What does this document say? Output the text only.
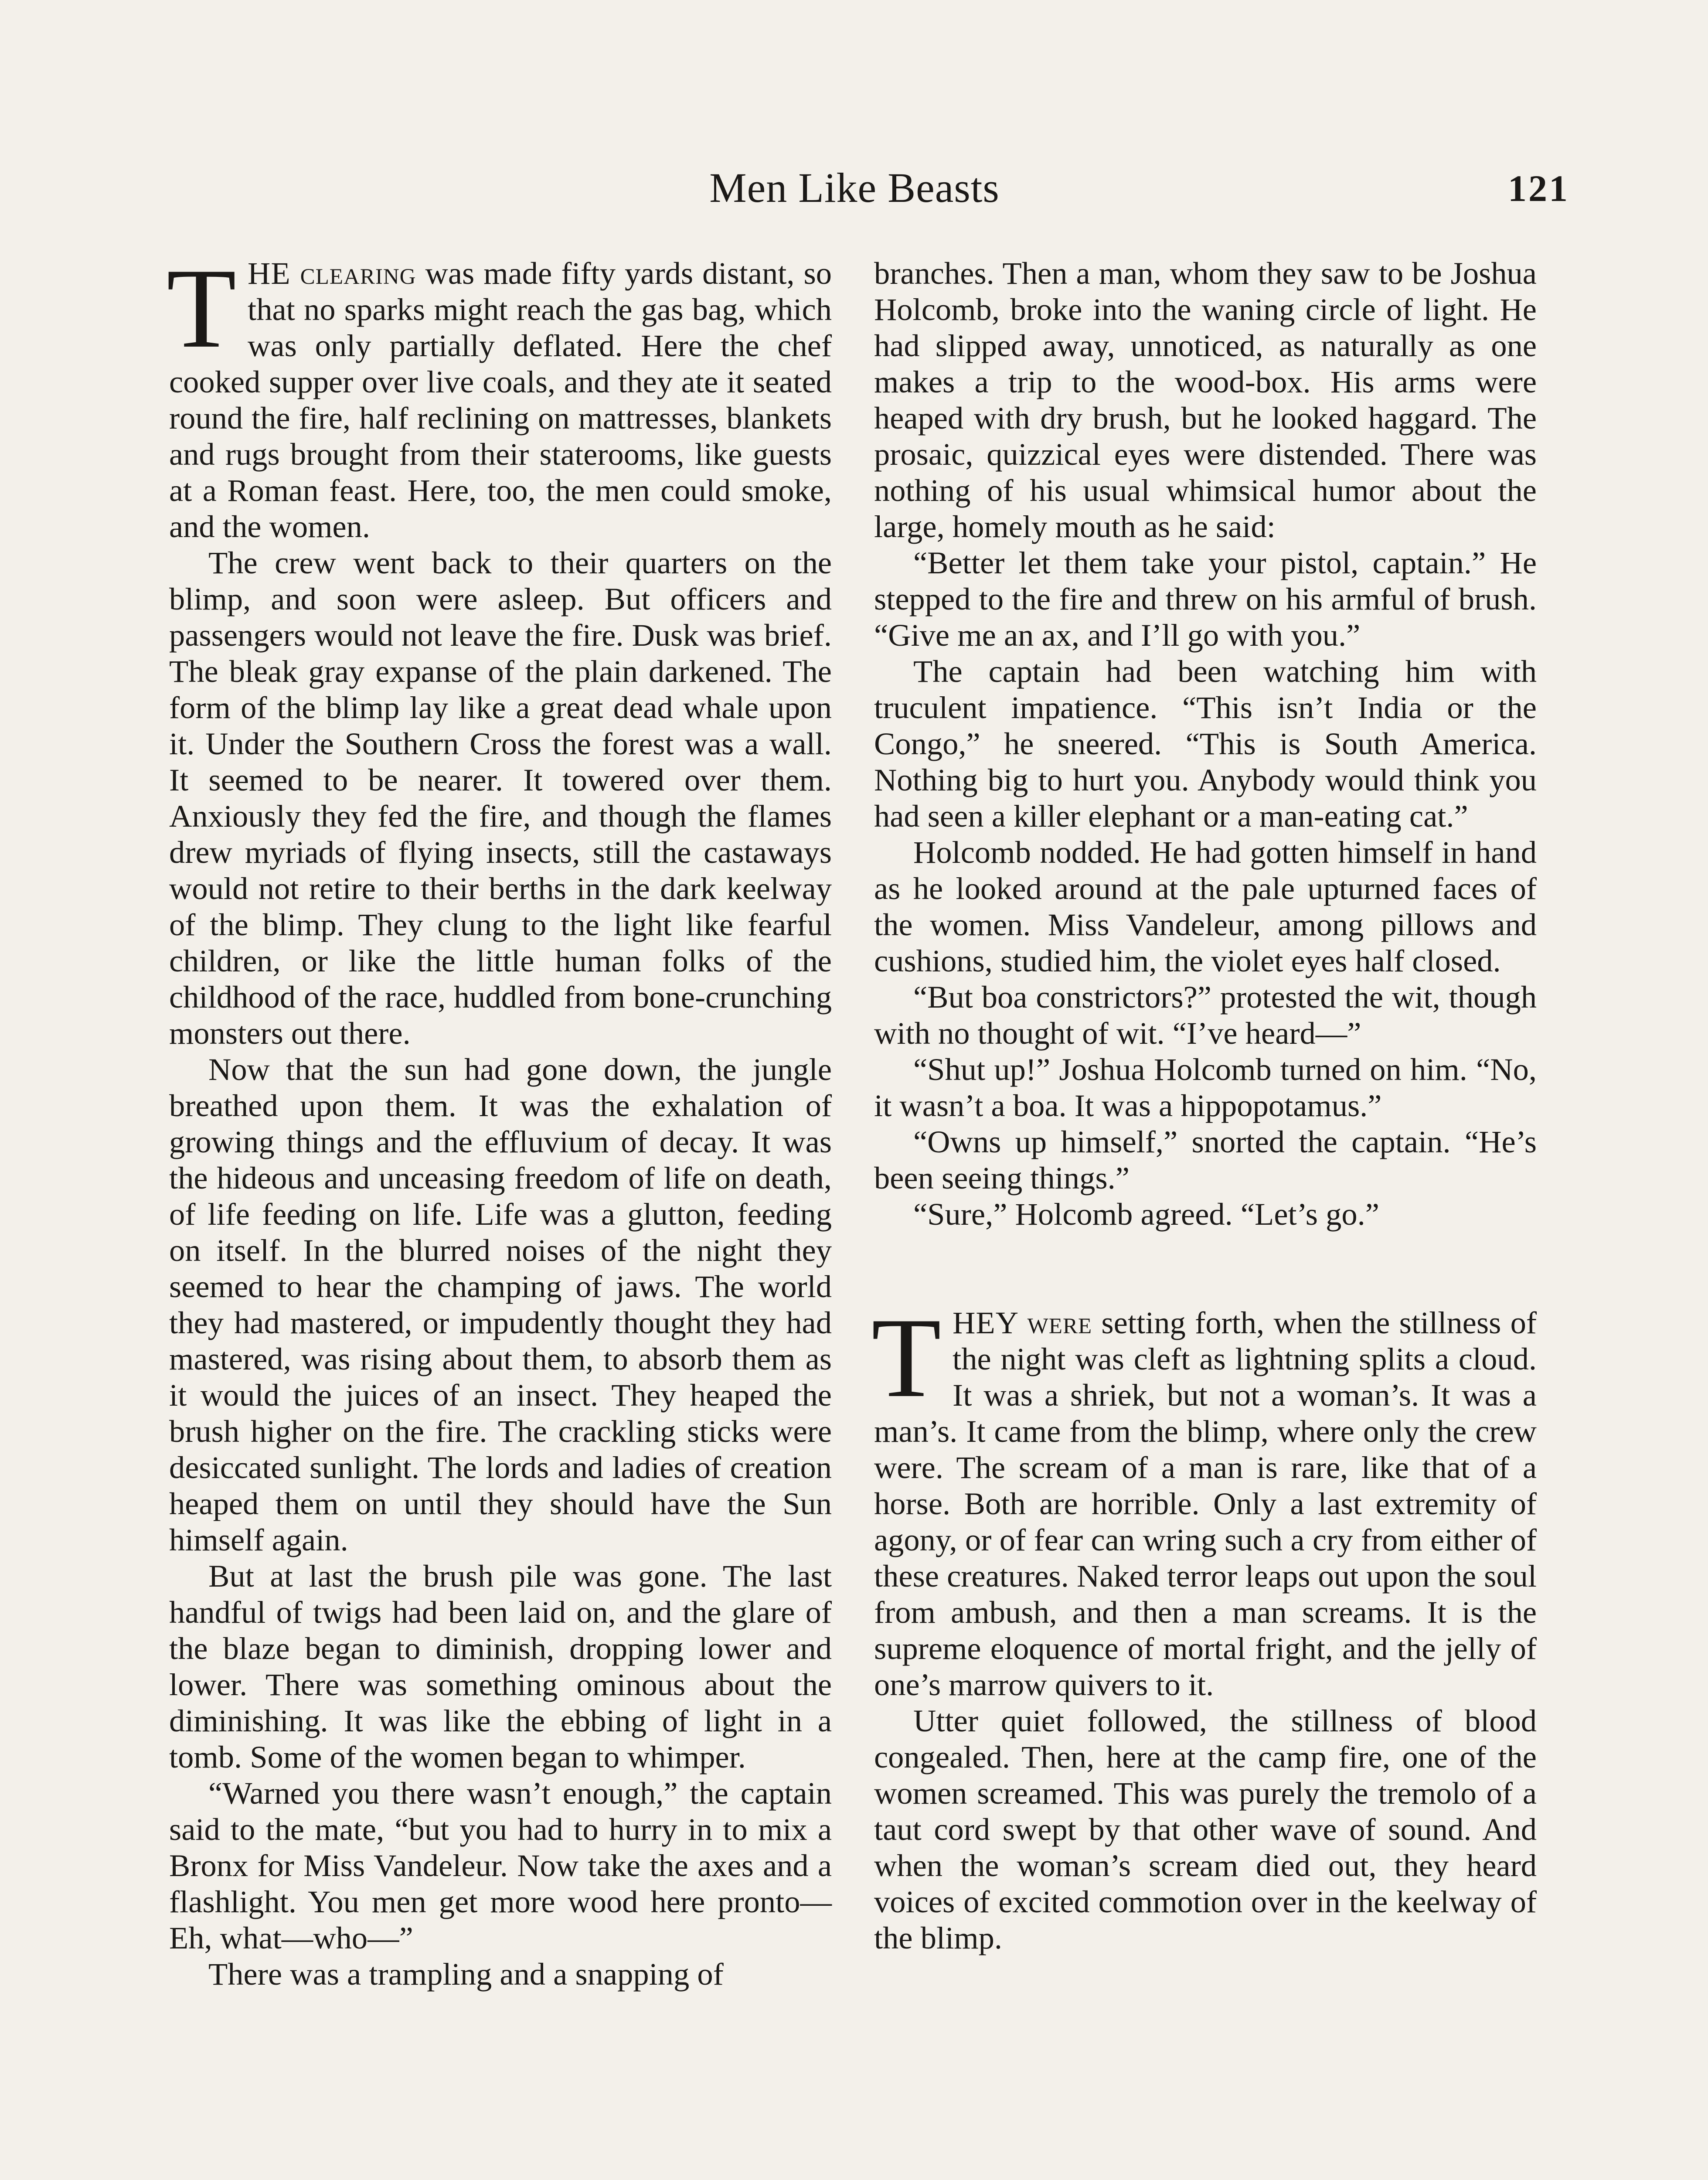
Men Like Beasts	121

THE clearing was made fifty yards distant, so that no sparks might reach the gas bag, which was only partially deflated. Here the chef cooked supper over live coals, and they ate it seated round the fire, half reclining on mattresses, blankets and rugs brought from their staterooms, like guests at a Roman feast. Here, too, the men could smoke, and the women.

The crew went back to their quarters on the blimp, and soon were asleep. But officers and passengers would not leave the fire. Dusk was brief. The bleak gray expanse of the plain darkened. The form of the blimp lay like a great dead whale upon it. Under the Southern Cross the forest was a wall. It seemed to be nearer. It towered over them. Anxiously they fed the fire, and though the flames drew myriads of flying insects, still the castaways would not retire to their berths in the dark keelway of the blimp. They clung to the light like fearful children, or like the little human folks of the childhood of the race, huddled from bone-crunching monsters out there.

Now that the sun had gone down, the jungle breathed upon them. It was the exhalation of growing things and the effluvium of decay. It was the hideous and unceasing freedom of life on death, of life feeding on life. Life was a glutton, feeding on itself. In the blurred noises of the night they seemed to hear the champing of jaws. The world they had mastered, or impudently thought they had mastered, was rising about them, to absorb them as it would the juices of an insect. They heaped the brush higher on the fire. The crackling sticks were desiccated sunlight. The lords and ladies of creation heaped them on until they should have the Sun himself again.

But at last the brush pile was gone. The last handful of twigs had been laid on, and the glare of the blaze began to diminish, dropping lower and lower. There was something ominous about the diminishing. It was like the ebbing of light in a tomb. Some of the women began to whimper.

“Warned you there wasn’t enough,” the captain said to the mate, “but you had to hurry in to mix a Bronx for Miss Vandeleur. Now take the axes and a flashlight. You men get more wood here pronto— Eh, what—who—”

There was a trampling and a snapping of

branches. Then a man, whom they saw to be Joshua Holcomb, broke into the waning circle of light. He had slipped away, unnoticed, as naturally as one makes a trip to the wood-box. His arms were heaped with dry brush, but he looked haggard. The prosaic, quizzical eyes were distended. There was nothing of his usual whimsical humor about the large, homely mouth as he said:

“Better let them take your pistol, captain.” He stepped to the fire and threw on his armful of brush. “Give me an ax, and I’ll go with you.”

The captain had been watching him with truculent impatience. “This isn’t India or the Congo,” he sneered. “This is South America. Nothing big to hurt you. Anybody would think you had seen a killer elephant or a man-eating cat.”

Holcomb nodded. He had gotten himself in hand as he looked around at the pale upturned faces of the women. Miss Vandeleur, among pillows and cushions, studied him, the violet eyes half closed.

“But boa constrictors?” protested the wit, though with no thought of wit. “I’ve heard—”

“Shut up!” Joshua Holcomb turned on him. “No, it wasn’t a boa. It was a hippopotamus.”

“Owns up himself,” snorted the captain. “He’s been seeing things.”

“Sure,” Holcomb agreed. “Let’s go.”

THEY were setting forth, when the stillness of the night was cleft as lightning splits a cloud. It was a shriek, but not a woman’s. It was a man’s. It came from the blimp, where only the crew were. The scream of a man is rare, like that of a horse. Both are horrible. Only a last extremity of agony, or of fear can wring such a cry from either of these creatures. Naked terror leaps out upon the soul from ambush, and then a man screams. It is the supreme eloquence of mortal fright, and the jelly of one’s marrow quivers to it.

Utter quiet followed, the stillness of blood congealed. Then, here at the camp fire, one of the women screamed. This was purely the tremolo of a taut cord swept by that other wave of sound. And when the woman’s scream died out, they heard voices of excited commotion over in the keelway of the blimp.
